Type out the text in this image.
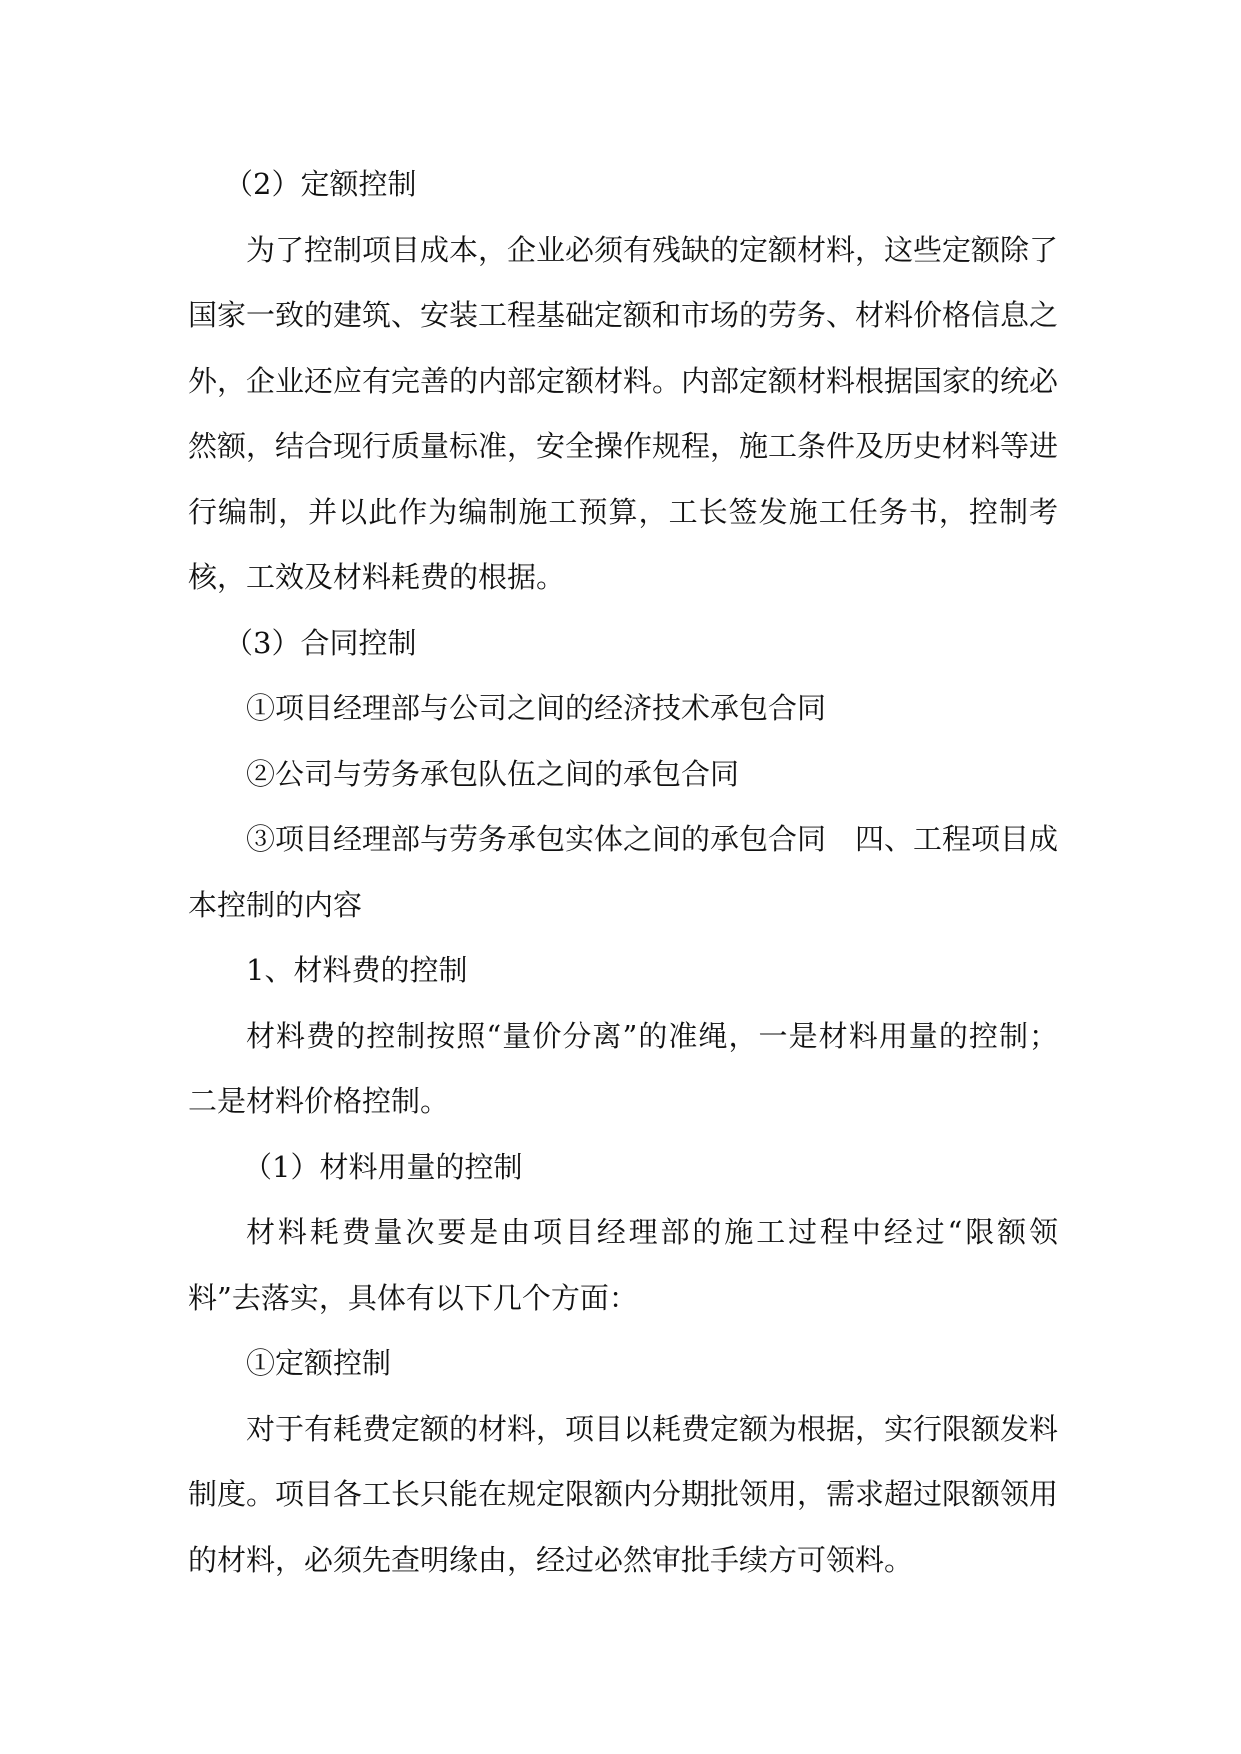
（2）定额控制

为了控制项目成本，企业必须有残缺的定额材料，这些定额除了国家一致的建筑、安装工程基础定额和市场的劳务、材料价格信息之外，企业还应有完善的内部定额材料。内部定额材料根据国家的统必然额，结合现行质量标准，安全操作规程，施工条件及历史材料等进行编制，并以此作为编制施工预算，工长签发施工任务书，控制考核，工效及材料耗费的根据。

（3）合同控制

①项目经理部与公司之间的经济技术承包合同

②公司与劳务承包队伍之间的承包合同

③项目经理部与劳务承包实体之间的承包合同　四、工程项目成本控制的内容

1、材料费的控制

材料费的控制按照“量价分离”的准绳，一是材料用量的控制；二是材料价格控制。

（1）材料用量的控制

材料耗费量次要是由项目经理部的施工过程中经过“限额领料”去落实，具体有以下几个方面：

①定额控制

对于有耗费定额的材料，项目以耗费定额为根据，实行限额发料制度。项目各工长只能在规定限额内分期批领用，需求超过限额领用的材料，必须先查明缘由，经过必然审批手续方可领料。
